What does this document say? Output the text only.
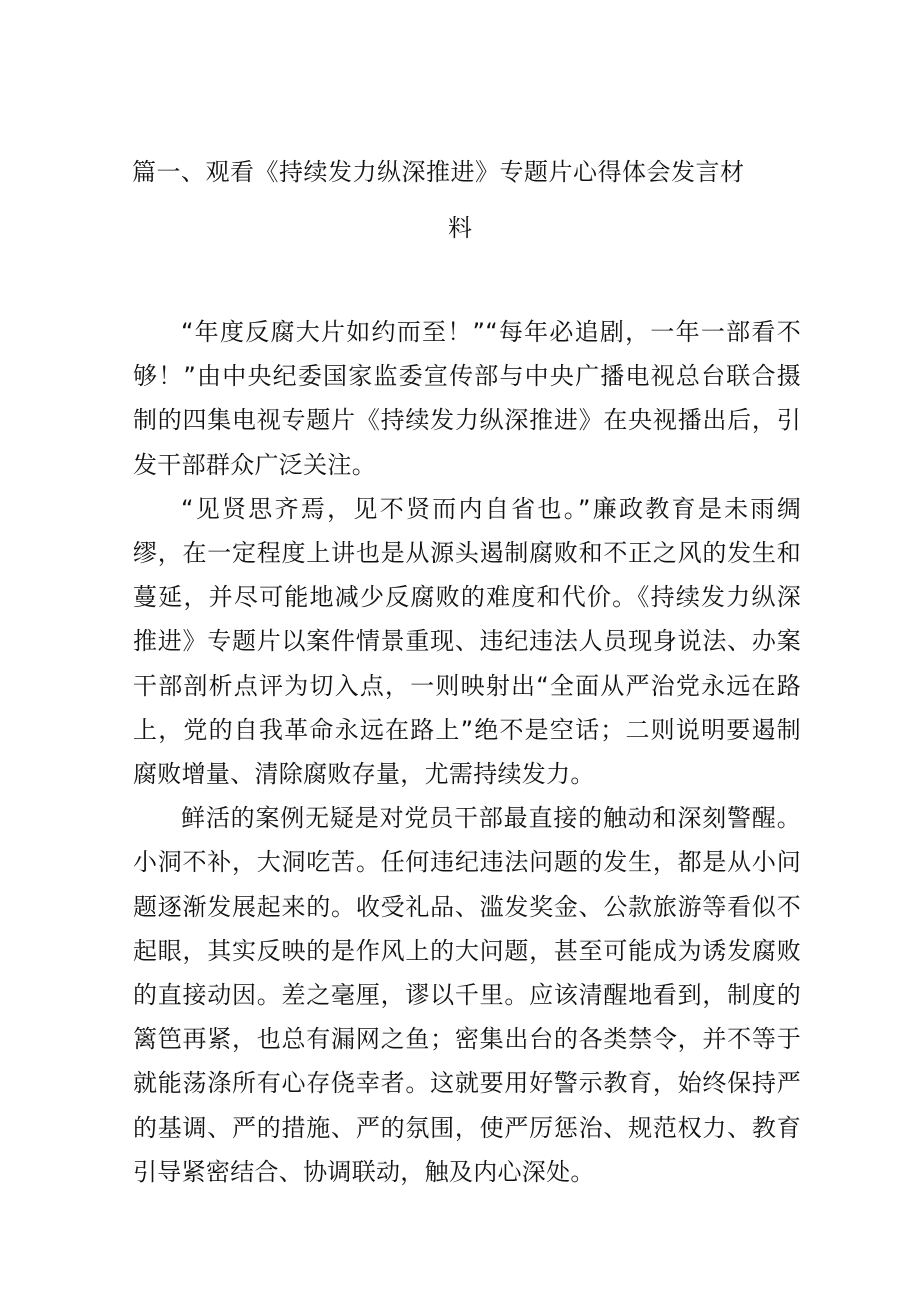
篇一、观看《持续发力纵深推进》专题片心得体会发言材
料

“年度反腐大片如约而至！”“每年必追剧，一年一部看不够！”由中央纪委国家监委宣传部与中央广播电视总台联合摄制的四集电视专题片《持续发力纵深推进》在央视播出后，引发干部群众广泛关注。

“见贤思齐焉，见不贤而内自省也。”廉政教育是未雨绸缪，在一定程度上讲也是从源头遏制腐败和不正之风的发生和蔓延，并尽可能地减少反腐败的难度和代价。《持续发力纵深推进》专题片以案件情景重现、违纪违法人员现身说法、办案干部剖析点评为切入点，一则映射出“全面从严治党永远在路上，党的自我革命永远在路上”绝不是空话；二则说明要遏制腐败增量、清除腐败存量，尤需持续发力。

鲜活的案例无疑是对党员干部最直接的触动和深刻警醒。小洞不补，大洞吃苦。任何违纪违法问题的发生，都是从小问题逐渐发展起来的。收受礼品、滥发奖金、公款旅游等看似不起眼，其实反映的是作风上的大问题，甚至可能成为诱发腐败的直接动因。差之毫厘，谬以千里。应该清醒地看到，制度的篱笆再紧，也总有漏网之鱼；密集出台的各类禁令，并不等于就能荡涤所有心存侥幸者。这就要用好警示教育，始终保持严的基调、严的措施、严的氛围，使严厉惩治、规范权力、教育引导紧密结合、协调联动，触及内心深处。
